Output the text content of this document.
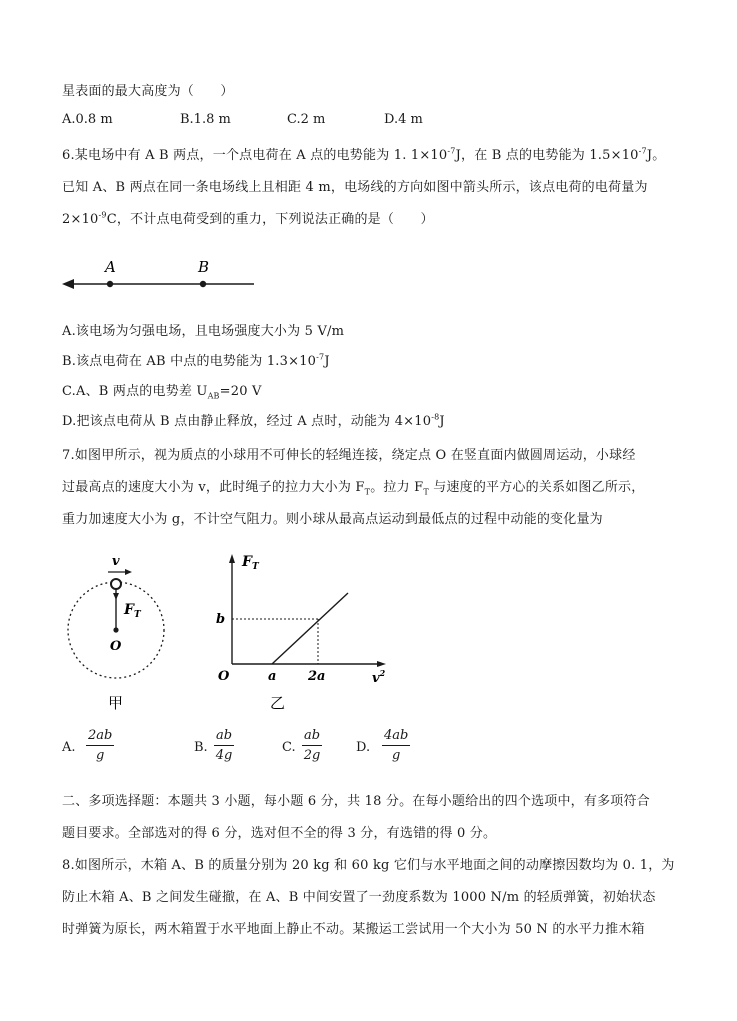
星表面的最大高度为（　　）
A.0.8 m	B.1.8 m	C.2 m	D.4 m
6.某电场中有 A B 两点，一个点电荷在 A 点的电势能为 1. $1\times 10^{-7}J$，在 B 点的电势能为 $1.5\times 10^{-7}J$。
已知 A、B 两点在同一条电场线上且相距 4 m，电场线的方向如图中箭头所示，该点电荷的电荷量为
$2\times 10^{-9}C$，不计点电荷受到的重力，下列说法正确的是（　　）
A	B
A.该电场为匀强电场，且电场强度大小为 5 V/m
B.该点电荷在 AB 中点的电势能为 $1.3\times 10^{-7}J$
C.A、B 两点的电势差 $U_{AB}=20$ V
D.把该点电荷从 B 点由静止释放，经过 A 点时，动能为 $4\times 10^{-8}J$
7.如图甲所示，视为质点的小球用不可伸长的轻绳连接，绕定点 O 在竖直面内做圆周运动，小球经
过最高点的速度大小为 v，此时绳子的拉力大小为 $F_T$。拉力 $F_T$ 与速度的平方心的关系如图乙所示，
重力加速度大小为 g，不计空气阻力。则小球从最高点运动到最低点的过程中动能的变化量为
v
$F_T$
O
甲
$F_T$
b
O	a 2a	$v^2$
乙
A. $\frac{2ab}{g}$	B. $\frac{ab}{4g}$	C. $\frac{ab}{2g}$	D. $\frac{4ab}{g}$
二、多项选择题：本题共 3 小题，每小题 6 分，共 18 分。在每小题给出的四个选项中，有多项符合
题目要求。全部选对的得 6 分，选对但不全的得 3 分，有选错的得 0 分。
8.如图所示，木箱 A、B 的质量分别为 20 kg 和 60 kg 它们与水平地面之间的动摩擦因数均为 0. 1，为
防止木箱 A、B 之间发生碰撤，在 A、B 中间安置了一劲度系数为 1000 N/m 的轻质弹簧，初始状态
时弹簧为原长，两木箱置于水平地面上静止不动。某搬运工尝试用一个大小为 50 N 的水平力推木箱
